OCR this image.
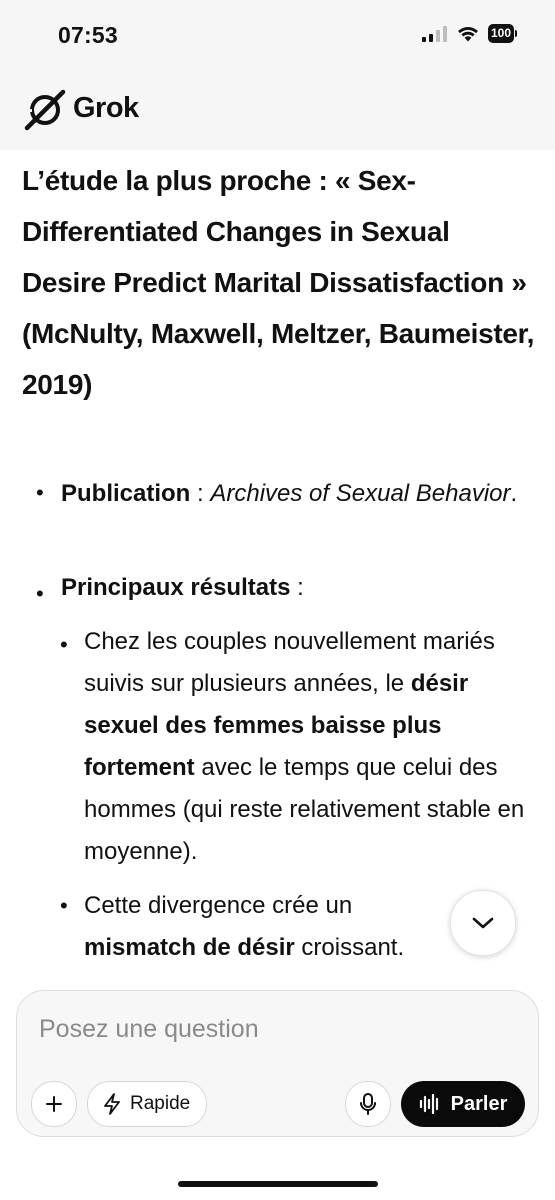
07:53	100
Grok
L’étude la plus proche : « Sex-Differentiated Changes in Sexual Desire Predict Marital Dissatisfaction » (McNulty, Maxwell, Meltzer, Baumeister, 2019)
• Publication : Archives of Sexual Behavior.

• Principaux résultats :

• Chez les couples nouvellement mariés suivis sur plusieurs années, le désir sexuel des femmes baisse plus fortement avec le temps que celui des hommes (qui reste relativement stable en moyenne).

• Cette divergence crée un mismatch de désir croissant.

Posez une question
Rapide	Parler
